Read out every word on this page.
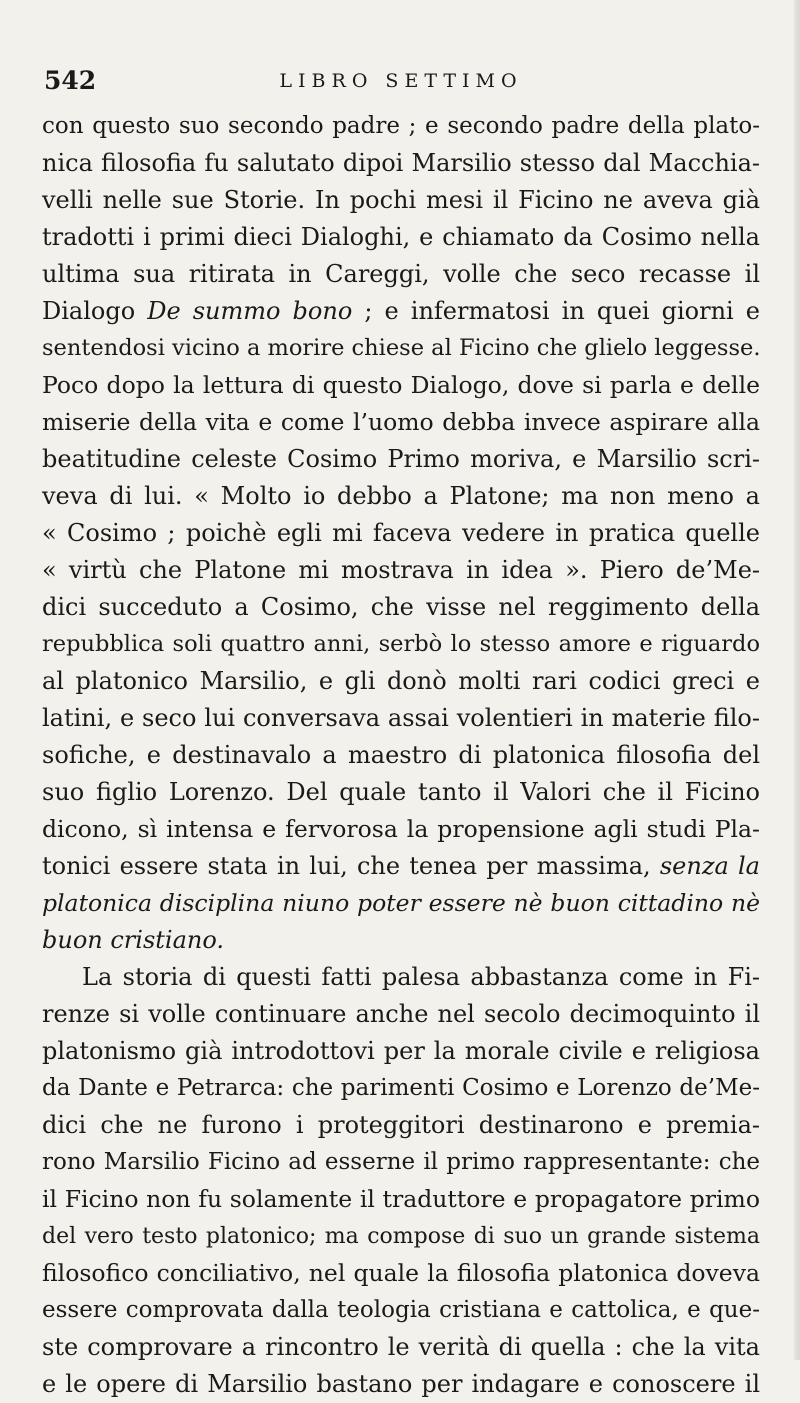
542	LIBRO SETTIMO
con questo suo secondo padre ; e secondo padre della plato-
nica filosofia fu salutato dipoi Marsilio stesso dal Macchia-
velli nelle sue Storie. In pochi mesi il Ficino ne aveva già
tradotti i primi dieci Dialoghi, e chiamato da Cosimo nella
ultima sua ritirata in Careggi, volle che seco recasse il
Dialogo De summo bono ; e infermatosi in quei giorni e
sentendosi vicino a morire chiese al Ficino che glielo leggesse.
Poco dopo la lettura di questo Dialogo, dove si parla e delle
miserie della vita e come l’uomo debba invece aspirare alla
beatitudine celeste Cosimo Primo moriva, e Marsilio scri-
veva di lui. « Molto io debbo a Platone; ma non meno a
« Cosimo ; poichè egli mi faceva vedere in pratica quelle
« virtù che Platone mi mostrava in idea ». Piero de’Me-
dici succeduto a Cosimo, che visse nel reggimento della
repubblica soli quattro anni, serbò lo stesso amore e riguardo
al platonico Marsilio, e gli donò molti rari codici greci e
latini, e seco lui conversava assai volentieri in materie filo-
sofiche, e destinavalo a maestro di platonica filosofia del
suo figlio Lorenzo. Del quale tanto il Valori che il Ficino
dicono, sì intensa e fervorosa la propensione agli studi Pla-
tonici essere stata in lui, che tenea per massima, senza la
platonica disciplina niuno poter essere nè buon cittadino nè
buon cristiano.
La storia di questi fatti palesa abbastanza come in Fi-
renze si volle continuare anche nel secolo decimoquinto il
platonismo già introdottovi per la morale civile e religiosa
da Dante e Petrarca: che parimenti Cosimo e Lorenzo de’Me-
dici che ne furono i proteggitori destinarono e premia-
rono Marsilio Ficino ad esserne il primo rappresentante: che
il Ficino non fu solamente il traduttore e propagatore primo
del vero testo platonico; ma compose di suo un grande sistema
filosofico conciliativo, nel quale la filosofia platonica doveva
essere comprovata dalla teologia cristiana e cattolica, e que-
ste comprovare a rincontro le verità di quella : che la vita
e le opere di Marsilio bastano per indagare e conoscere il
